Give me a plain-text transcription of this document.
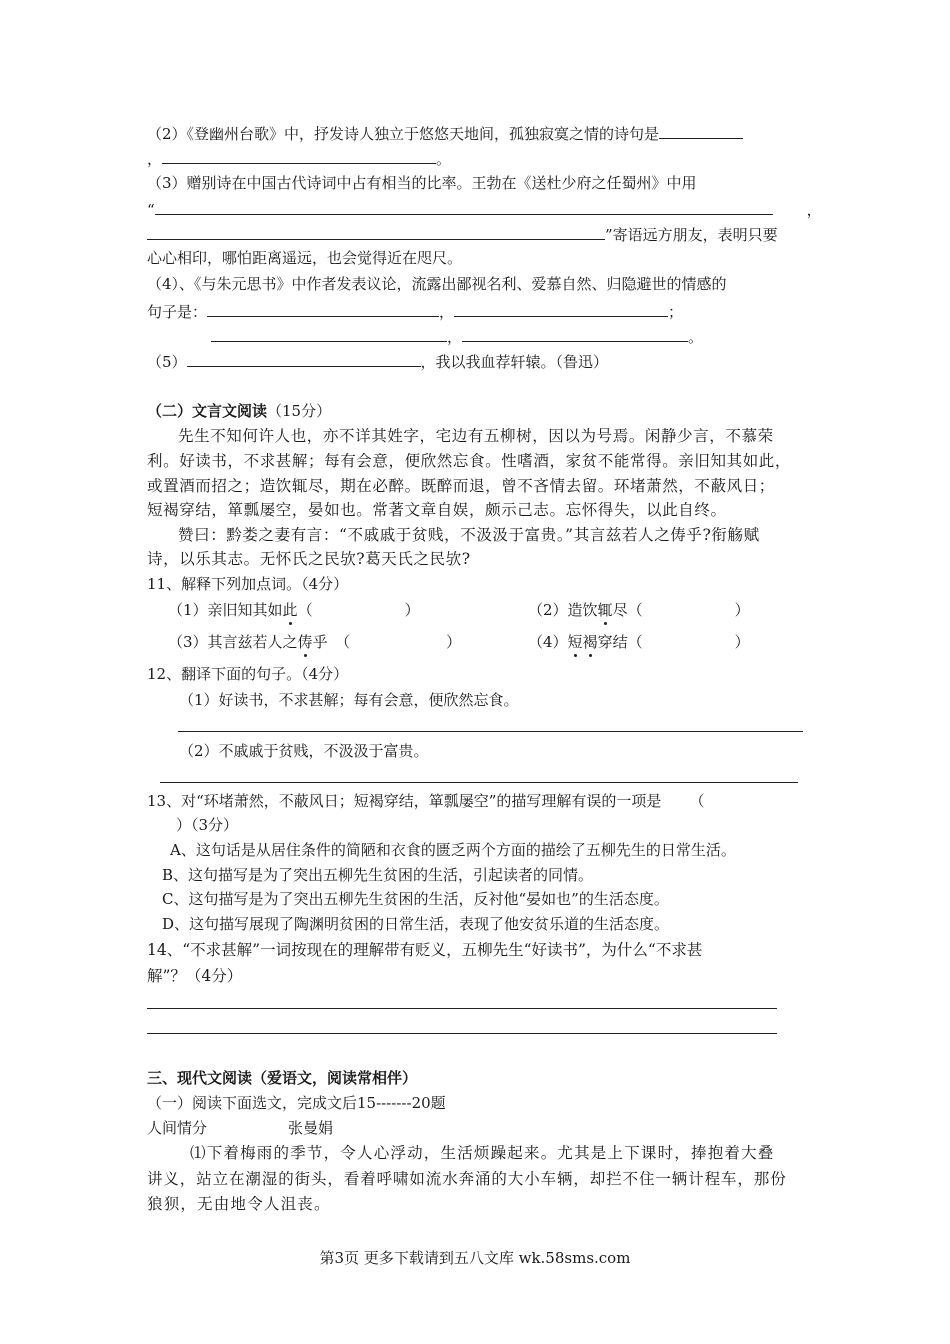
（2）《登幽州台歌》中，抒发诗人独立于悠悠天地间，孤独寂寞之情的诗句是
，	。
（3）赠别诗在中国古代诗词中占有相当的比率。王勃在《送杜少府之任蜀州》中用
“	，
”寄语远方朋友，表明只要
心心相印，哪怕距离遥远，也会觉得近在咫尺。
（4）、《与朱元思书》中作者发表议论，流露出鄙视名利、爱慕自然、归隐避世的情感的
句子是：	，	；
，	。
（5）	，我以我血荐轩辕。（鲁迅）
（二）文言文阅读（15分）
先生不知何许人也，亦不详其姓字，宅边有五柳树，因以为号焉。闲静少言，不慕荣
利。好读书，不求甚解；每有会意，便欣然忘食。性嗜酒，家贫不能常得。亲旧知其如此，
或置酒而招之；造饮辄尽，期在必醉。既醉而退，曾不吝情去留。环堵萧然，不蔽风日；
短褐穿结，箪瓢屡空，晏如也。常著文章自娱，颇示己志。忘怀得失，以此自终。
赞曰：黔娄之妻有言：“不戚戚于贫贱，不汲汲于富贵。”其言兹若人之俦乎?衔觞赋
诗，以乐其志。无怀氏之民欤?葛天氏之民欤?
11、解释下列加点词。（4分）
（1）亲旧知其如此（	）	（2）造饮辄尽（	）
（3）其言兹若人之俦乎　（	）	（4）短褐穿结（	）
12、翻译下面的句子。（4分）
（1）好读书，不求甚解；每有会意，便欣然忘食。
（2）不戚戚于贫贱，不汲汲于富贵。
13、对“环堵萧然，不蔽风日；短褐穿结，箪瓢屡空”的描写理解有误的一项是 （
）（3分）
A、这句话是从居住条件的简陋和衣食的匮乏两个方面的描绘了五柳先生的日常生活。
B、这句描写是为了突出五柳先生贫困的生活，引起读者的同情。
C、这句描写是为了突出五柳先生贫困的生活，反衬他“晏如也”的生活态度。
D、这句描写展现了陶渊明贫困的日常生活，表现了他安贫乐道的生活态度。
14、“不求甚解”一词按现在的理解带有贬义，五柳先生“好读书”，为什么“不求甚
解”？（4分）
三、现代文阅读（爱语文，阅读常相伴）
（一）阅读下面选文，完成文后15-------20题
人间情分	张曼娟
⑴下着梅雨的季节，令人心浮动，生活烦躁起来。尤其是上下课时，捧抱着大叠
讲义，站立在潮湿的街头，看着呼啸如流水奔涌的大小车辆，却拦不住一辆计程车，那份
狼狈，无由地令人沮丧。
第3页 更多下载请到五八文库 wk.58sms.com
